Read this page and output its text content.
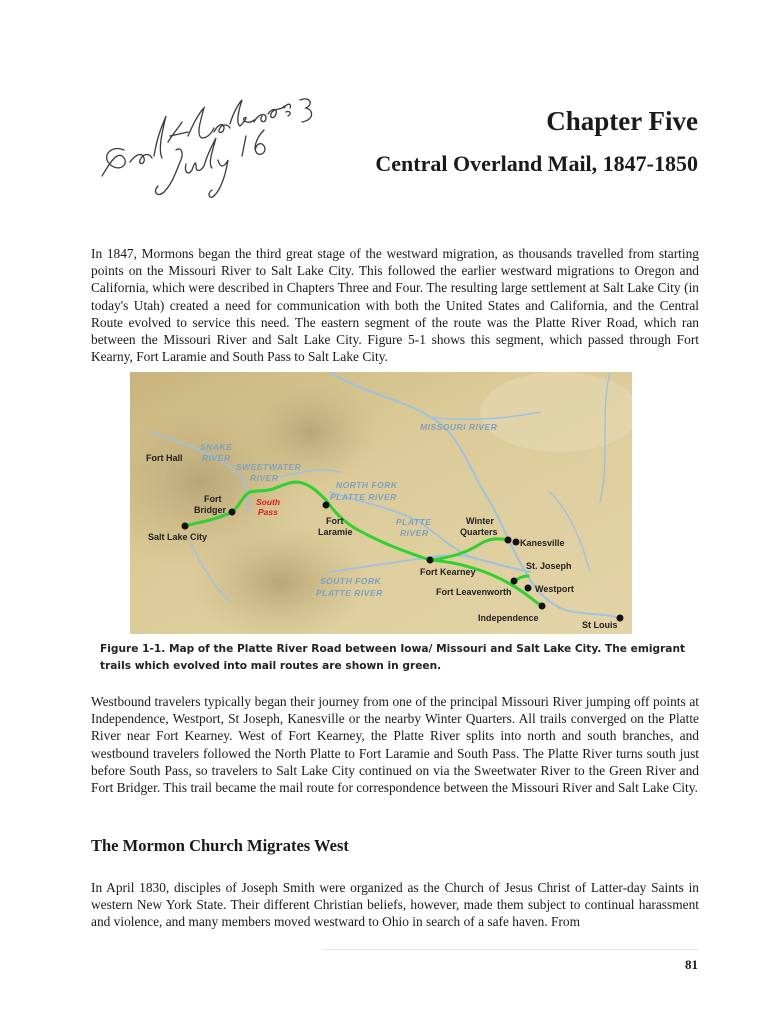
Chapter Five
Central Overland Mail, 1847-1850

In 1847, Mormons began the third great stage of the westward migration, as thousands travelled from starting points on the Missouri River to Salt Lake City. This followed the earlier westward migrations to Oregon and California, which were described in Chapters Three and Four. The resulting large settlement at Salt Lake City (in today's Utah) created a need for communication with both the United States and California, and the Central Route evolved to service this need. The eastern segment of the route was the Platte River Road, which ran between the Missouri River and Salt Lake City. Figure 5-1 shows this segment, which passed through Fort Kearny, Fort Laramie and South Pass to Salt Lake City.

MISSOURI RIVER
SNAKE
RIVER
SWEETWATER
RIVER
NORTH FORK
PLATTE RIVER
PLATTE
RIVER
SOUTH FORK
PLATTE RIVER
Fort Hall
Fort
Bridger
Salt Lake City
South
Pass
Fort
Laramie
Winter
Quarters
Kanesville
Fort Kearney
St. Joseph
Fort Leavenworth	Westport
Independence
St Louis

Figure 1-1. Map of the Platte River Road between Iowa/ Missouri and Salt Lake City. The emigrant trails which evolved into mail routes are shown in green.

Westbound travelers typically began their journey from one of the principal Missouri River jumping off points at Independence, Westport, St Joseph, Kanesville or the nearby Winter Quarters. All trails converged on the Platte River near Fort Kearney. West of Fort Kearney, the Platte River splits into north and south branches, and westbound travelers followed the North Platte to Fort Laramie and South Pass. The Platte River turns south just before South Pass, so travelers to Salt Lake City continued on via the Sweetwater River to the Green River and Fort Bridger. This trail became the mail route for correspondence between the Missouri River and Salt Lake City.

The Mormon Church Migrates West

In April 1830, disciples of Joseph Smith were organized as the Church of Jesus Christ of Latter-day Saints in western New York State. Their different Christian beliefs, however, made them subject to continual harassment and violence, and many members moved westward to Ohio in search of a safe haven. From

81
